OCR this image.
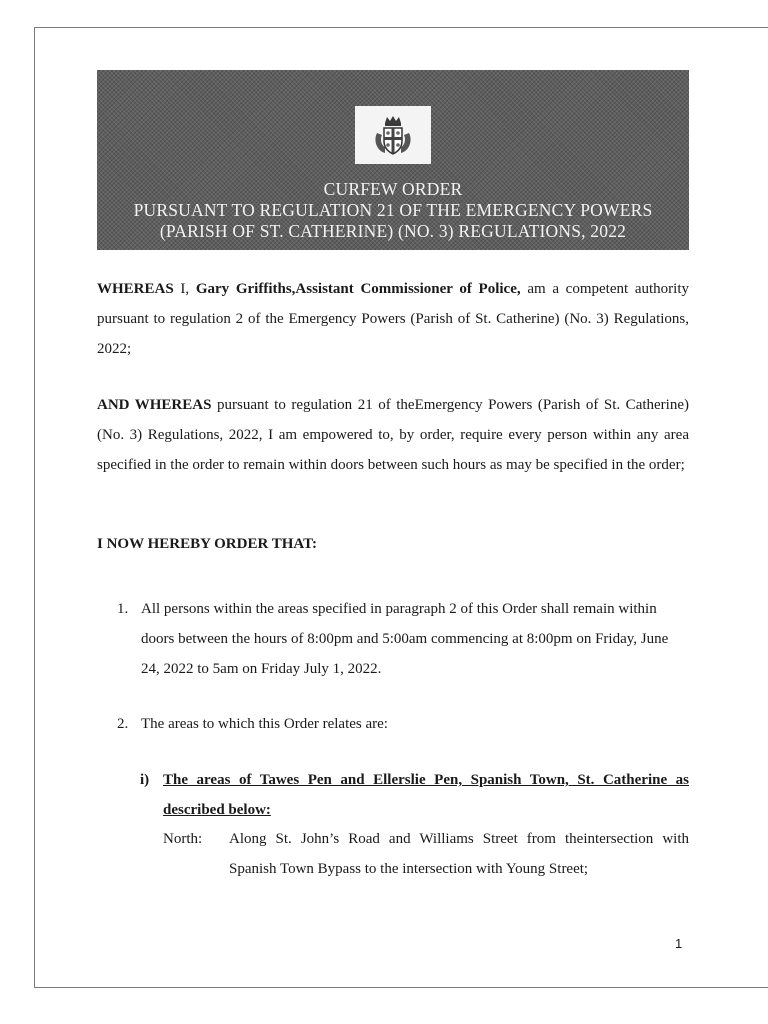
CURFEW ORDER
PURSUANT TO REGULATION 21 OF THE EMERGENCY POWERS
(PARISH OF ST. CATHERINE) (NO. 3) REGULATIONS, 2022
WHEREAS I, Gary Griffiths,Assistant Commissioner of Police, am a competent authority pursuant to regulation 2 of the Emergency Powers (Parish of St. Catherine) (No. 3) Regulations, 2022;
AND WHEREAS pursuant to regulation 21 of theEmergency Powers (Parish of St. Catherine) (No. 3) Regulations, 2022, I am empowered to, by order, require every person within any area specified in the order to remain within doors between such hours as may be specified in the order;
I NOW HEREBY ORDER THAT:
1. All persons within the areas specified in paragraph 2 of this Order shall remain within doors between the hours of 8:00pm and 5:00am commencing at 8:00pm on Friday, June 24, 2022 to 5am on Friday July 1, 2022.
2. The areas to which this Order relates are:
i) The areas of Tawes Pen and Ellerslie Pen, Spanish Town, St. Catherine as described below:
North: Along St. John’s Road and Williams Street from theintersection with Spanish Town Bypass to the intersection with Young Street;
1
